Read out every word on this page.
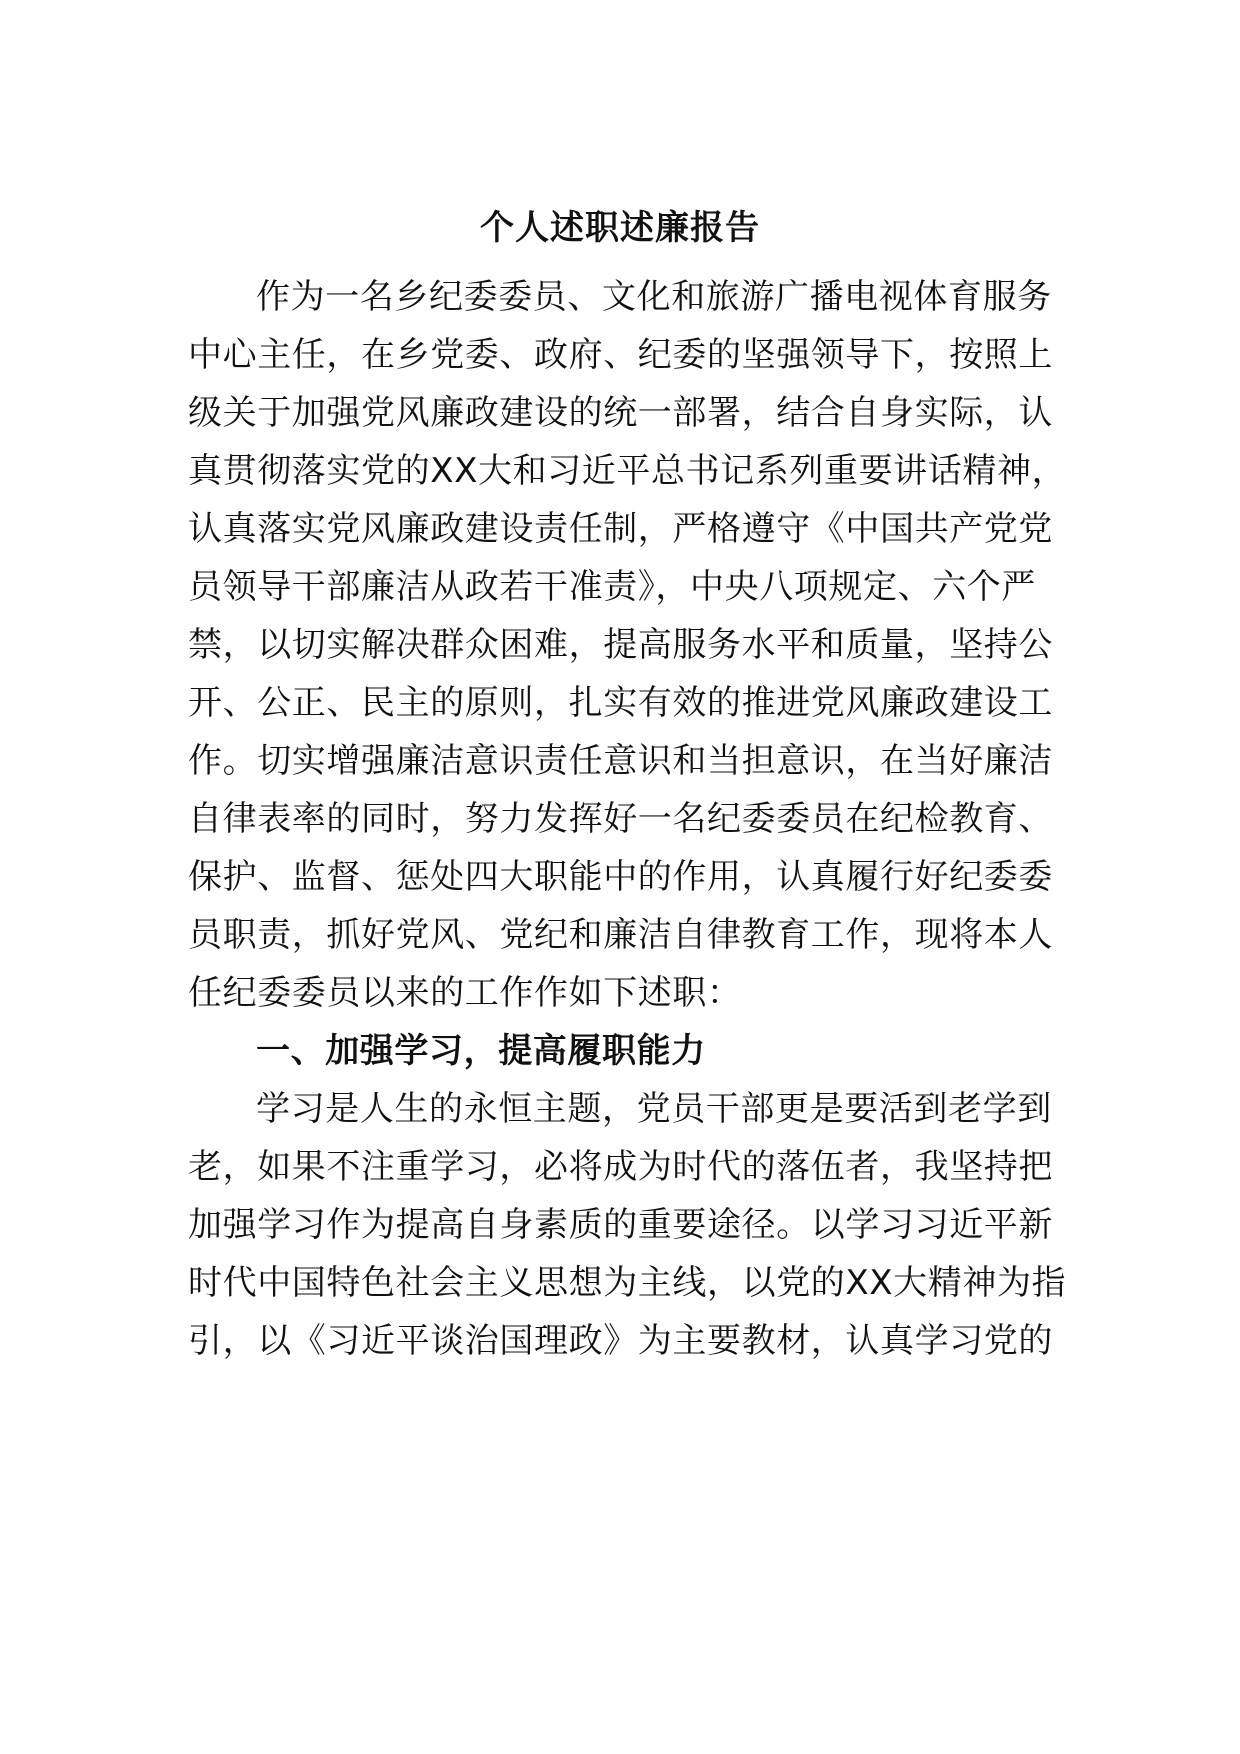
个人述职述廉报告
作为一名乡纪委委员、文化和旅游广播电视体育服务
中心主任，在乡党委、政府、纪委的坚强领导下，按照上
级关于加强党风廉政建设的统一部署，结合自身实际，认
真贯彻落实党的XX大和习近平总书记系列重要讲话精神，
认真落实党风廉政建设责任制，严格遵守《中国共产党党
员领导干部廉洁从政若干准责》，中央八项规定、六个严
禁，以切实解决群众困难，提高服务水平和质量，坚持公
开、公正、民主的原则，扎实有效的推进党风廉政建设工
作。切实增强廉洁意识责任意识和当担意识，在当好廉洁
自律表率的同时，努力发挥好一名纪委委员在纪检教育、
保护、监督、惩处四大职能中的作用，认真履行好纪委委
员职责，抓好党风、党纪和廉洁自律教育工作，现将本人
任纪委委员以来的工作作如下述职：
一、加强学习，提高履职能力
学习是人生的永恒主题，党员干部更是要活到老学到
老，如果不注重学习，必将成为时代的落伍者，我坚持把
加强学习作为提高自身素质的重要途径。以学习习近平新
时代中国特色社会主义思想为主线，以党的XX大精神为指
引，以《习近平谈治国理政》为主要教材，认真学习党的
